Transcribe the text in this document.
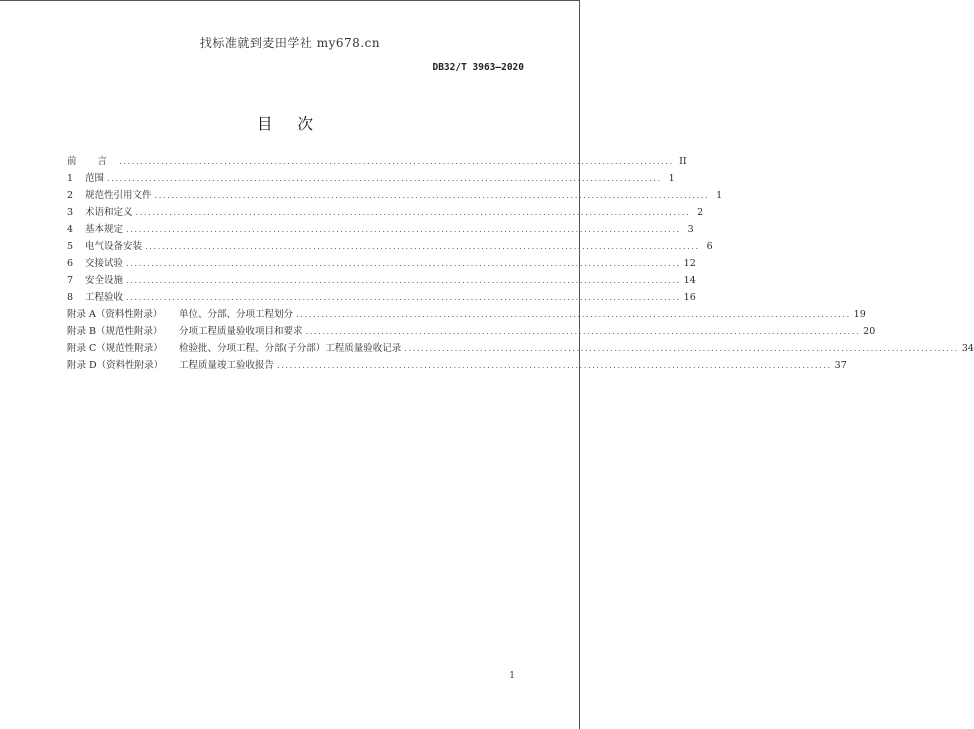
找标准就到麦田学社 my678.cn
DB32/T 3963—2020
目 次
前 言 .................................................................................................................................... II
1	范围 .................................................................................................................................... 1
2	规范性引用文件 .................................................................................................................................... 1
3	术语和定义 .................................................................................................................................... 2
4	基本规定 .................................................................................................................................... 3
5	电气设备安装 .................................................................................................................................... 6
6	交接试验 .................................................................................................................................... 12
7	安全设施 .................................................................................................................................... 14
8	工程验收 .................................................................................................................................... 16
附录 A（资料性附录）	单位、分部、分项工程划分 .................................................................................................................................... 19
附录 B（规范性附录）	分项工程质量验收项目和要求 .................................................................................................................................... 20
附录 C（规范性附录）	检验批、分项工程、分部(子分部）工程质量验收记录 .................................................................................................................................... 34
附录 D（资料性附录）	工程质量竣工验收报告 .................................................................................................................................... 37
1
